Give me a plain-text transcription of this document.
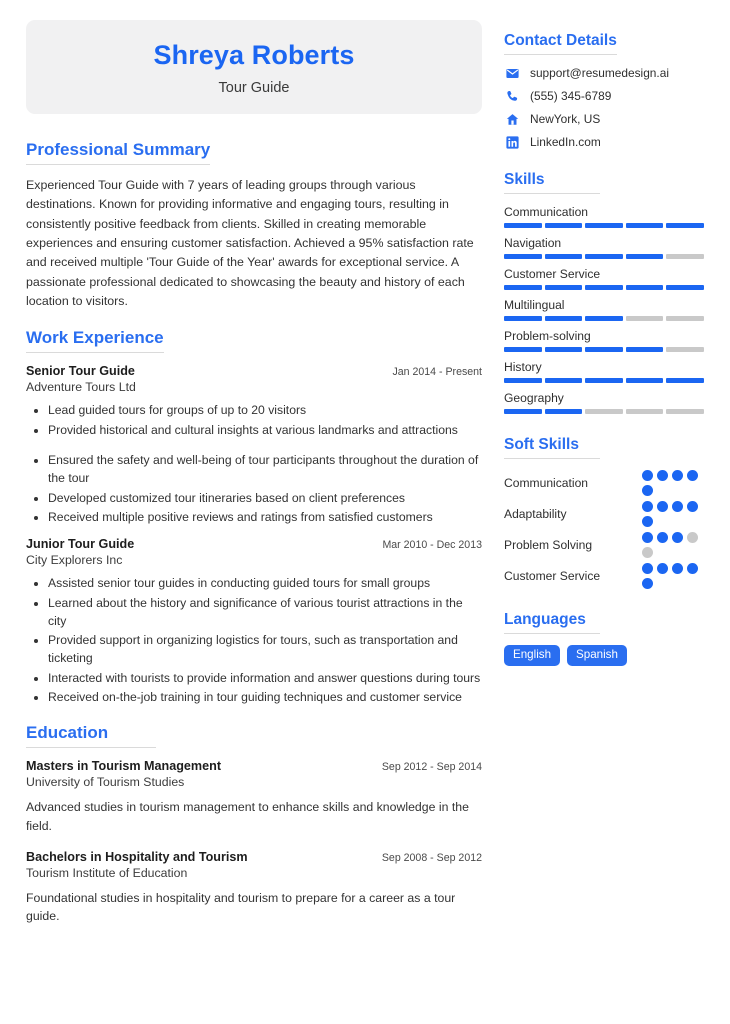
Shreya Roberts
Tour Guide
Professional Summary

Experienced Tour Guide with 7 years of leading groups through various destinations. Known for providing informative and engaging tours, resulting in consistently positive feedback from clients. Skilled in creating memorable experiences and ensuring customer satisfaction. Achieved a 95% satisfaction rate and received multiple 'Tour Guide of the Year' awards for exceptional service. A passionate professional dedicated to showcasing the beauty and history of each location to visitors.

Work Experience
Senior Tour Guide	Jan 2014 - Present
Adventure Tours Ltd
• Lead guided tours for groups of up to 20 visitors
• Provided historical and cultural insights at various landmarks and attractions
• Ensured the safety and well-being of tour participants throughout the duration of the tour
• Developed customized tour itineraries based on client preferences
• Received multiple positive reviews and ratings from satisfied customers
Junior Tour Guide	Mar 2010 - Dec 2013
City Explorers Inc
• Assisted senior tour guides in conducting guided tours for small groups
• Learned about the history and significance of various tourist attractions in the city
• Provided support in organizing logistics for tours, such as transportation and ticketing
• Interacted with tourists to provide information and answer questions during tours
• Received on-the-job training in tour guiding techniques and customer service
Education
Masters in Tourism Management	Sep 2012 - Sep 2014
University of Tourism Studies
Advanced studies in tourism management to enhance skills and knowledge in the field.
Bachelors in Hospitality and Tourism	Sep 2008 - Sep 2012
Tourism Institute of Education
Foundational studies in hospitality and tourism to prepare for a career as a tour guide.
Contact Details
support@resumedesign.ai
(555) 345-6789
NewYork, US
LinkedIn.com
Skills
Communication
Navigation
Customer Service
Multilingual
Problem-solving
History
Geography
Soft Skills
Communication
Adaptability
Problem Solving
Customer Service
Languages
English	Spanish
